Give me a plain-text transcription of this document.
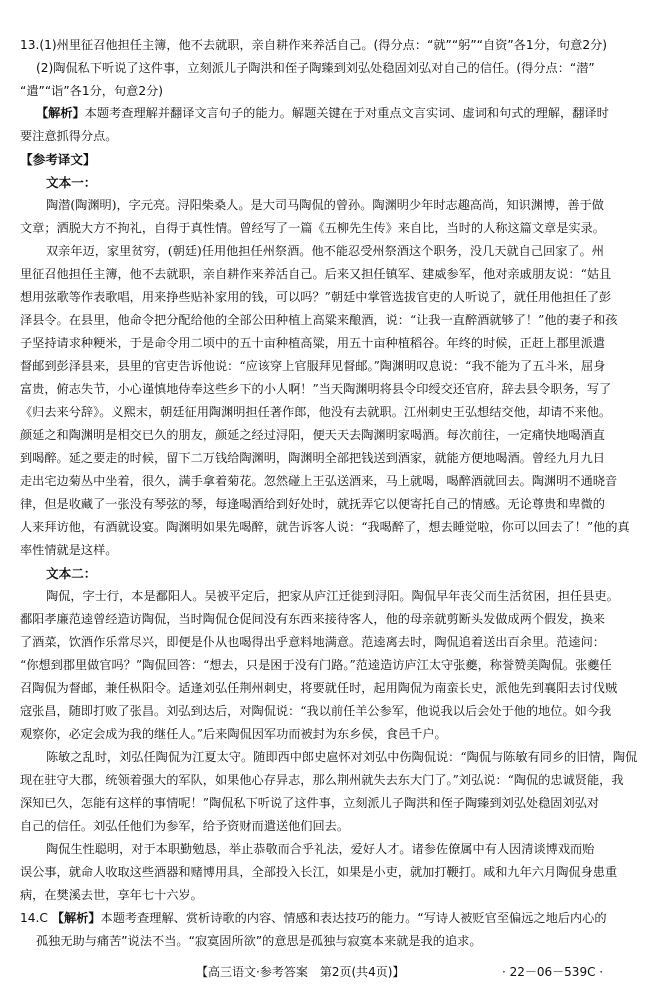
13.(1)州里征召他担任主簿，他不去就职，亲自耕作来养活自己。(得分点：“就”“躬”“自资”各1分，句意2分)
(2)陶侃私下听说了这件事，立刻派儿子陶洪和侄子陶臻到刘弘处稳固刘弘对自己的信任。(得分点：“潜”
“遣”“诣”各1分，句意2分)
【解析】本题考查理解并翻译文言句子的能力。解题关键在于对重点文言实词、虚词和句式的理解，翻译时
要注意抓得分点。
【参考译文】
文本一：
陶潜(陶渊明)，字元亮。浔阳柴桑人。是大司马陶侃的曾孙。陶渊明少年时志趣高尚，知识渊博，善于做
文章；洒脱大方不拘礼，自得于真性情。曾经写了一篇《五柳先生传》来自比，当时的人称这篇文章是实录。
双亲年迈，家里贫穷，(朝廷)任用他担任州祭酒。他不能忍受州祭酒这个职务，没几天就自己回家了。州
里征召他担任主簿，他不去就职，亲自耕作来养活自己。后来又担任镇军、建威参军，他对亲戚朋友说：“姑且
想用弦歌等作表歌唱，用来挣些贴补家用的钱，可以吗？”朝廷中掌管选拔官吏的人听说了，就任用他担任了彭
泽县令。在县里，他命令把分配给他的全部公田种植上高粱来酿酒，说：“让我一直醉酒就够了！”他的妻子和孩
子坚持请求种粳米，于是命令用二顷中的五十亩种植高粱，用五十亩种植稻谷。年终的时候，正赶上郡里派遣
督邮到彭泽县来，县里的官吏告诉他说：“应该穿上官服拜见督邮。”陶渊明叹息说：“我不能为了五斗米，屈身
富贵，俯志失节，小心谨慎地侍奉这些乡下的小人啊！”当天陶渊明将县令印绶交还官府，辞去县令职务，写了
《归去来兮辞》。义熙末，朝廷征用陶渊明担任著作郎，他没有去就职。江州刺史王弘想结交他，却请不来他。
颜延之和陶渊明是相交已久的朋友，颜延之经过浔阳，便天天去陶渊明家喝酒。每次前往，一定痛快地喝酒直
到喝醉。延之要走的时候，留下二万钱给陶渊明，陶渊明全部把钱送到酒家，就能方便地喝酒。曾经九月九日
走出宅边菊丛中坐着，很久，满手拿着菊花。忽然碰上王弘送酒来，马上就喝，喝醉酒就回去。陶渊明不通晓音
律，但是收藏了一张没有琴弦的琴，每逢喝酒给到好处时，就抚弄它以便寄托自己的情感。无论尊贵和卑微的
人来拜访他，有酒就设宴。陶渊明如果先喝醉，就告诉客人说：“我喝醉了，想去睡觉啦，你可以回去了！”他的真
率性情就是这样。
文本二：
陶侃，字士行，本是鄱阳人。吴被平定后，把家从庐江迁徙到浔阳。陶侃早年丧父而生活贫困，担任县吏。
鄱阳孝廉范逵曾经造访陶侃，当时陶侃仓促间没有东西来接待客人，他的母亲就剪断头发做成两个假发，换来
了酒菜，饮酒作乐常尽兴，即便是仆从也喝得出乎意料地满意。范逵离去时，陶侃追着送出百余里。范逵问：
“你想到郡里做官吗？”陶侃回答：“想去，只是困于没有门路。”范逵造访庐江太守张夔，称誉赞美陶侃。张夔任
召陶侃为督邮，兼任枞阳令。适逢刘弘任荆州刺史，将要就任时，起用陶侃为南蛮长史，派他先到襄阳去讨伐贼
寇张昌，随即打败了张昌。刘弘到达后，对陶侃说：“我以前任羊公参军，他说我以后会处于他的地位。如今我
观察你，必定会成为我的继任人。”后来陶侃因军功而被封为东乡侯，食邑千户。
陈敏之乱时，刘弘任陶侃为江夏太守。随即西中郎史扈怀对刘弘中伤陶侃说：“陶侃与陈敏有同乡的旧情，陶侃
现在驻守大郡，统领着强大的军队，如果他心存异志，那么荆州就失去东大门了。”刘弘说：“陶侃的忠诚贤能，我
深知已久，怎能有这样的事情呢！”陶侃私下听说了这件事，立刻派儿子陶洪和侄子陶臻到刘弘处稳固刘弘对
自己的信任。刘弘任他们为参军，给予资财而遣送他们回去。
陶侃生性聪明，对于本职勤勉恳，举止恭敬而合乎礼法，爱好人才。诸参佐僚属中有人因清谈博戏而贻
误公事，就命人收取这些酒器和赌博用具，全部投入长江，如果是小吏，就加打鞭打。咸和九年六月陶侃身患重
病，在樊溪去世，享年七十六岁。
14.C 【解析】本题考查理解、赏析诗歌的内容、情感和表达技巧的能力。“写诗人被贬官至偏远之地后内心的
孤独无助与痛苦”说法不当。“寂寞固所欲”的意思是孤独与寂寞本来就是我的追求。
【高三语文·参考答案　第2页(共4页)】	· 22－06－539C ·
